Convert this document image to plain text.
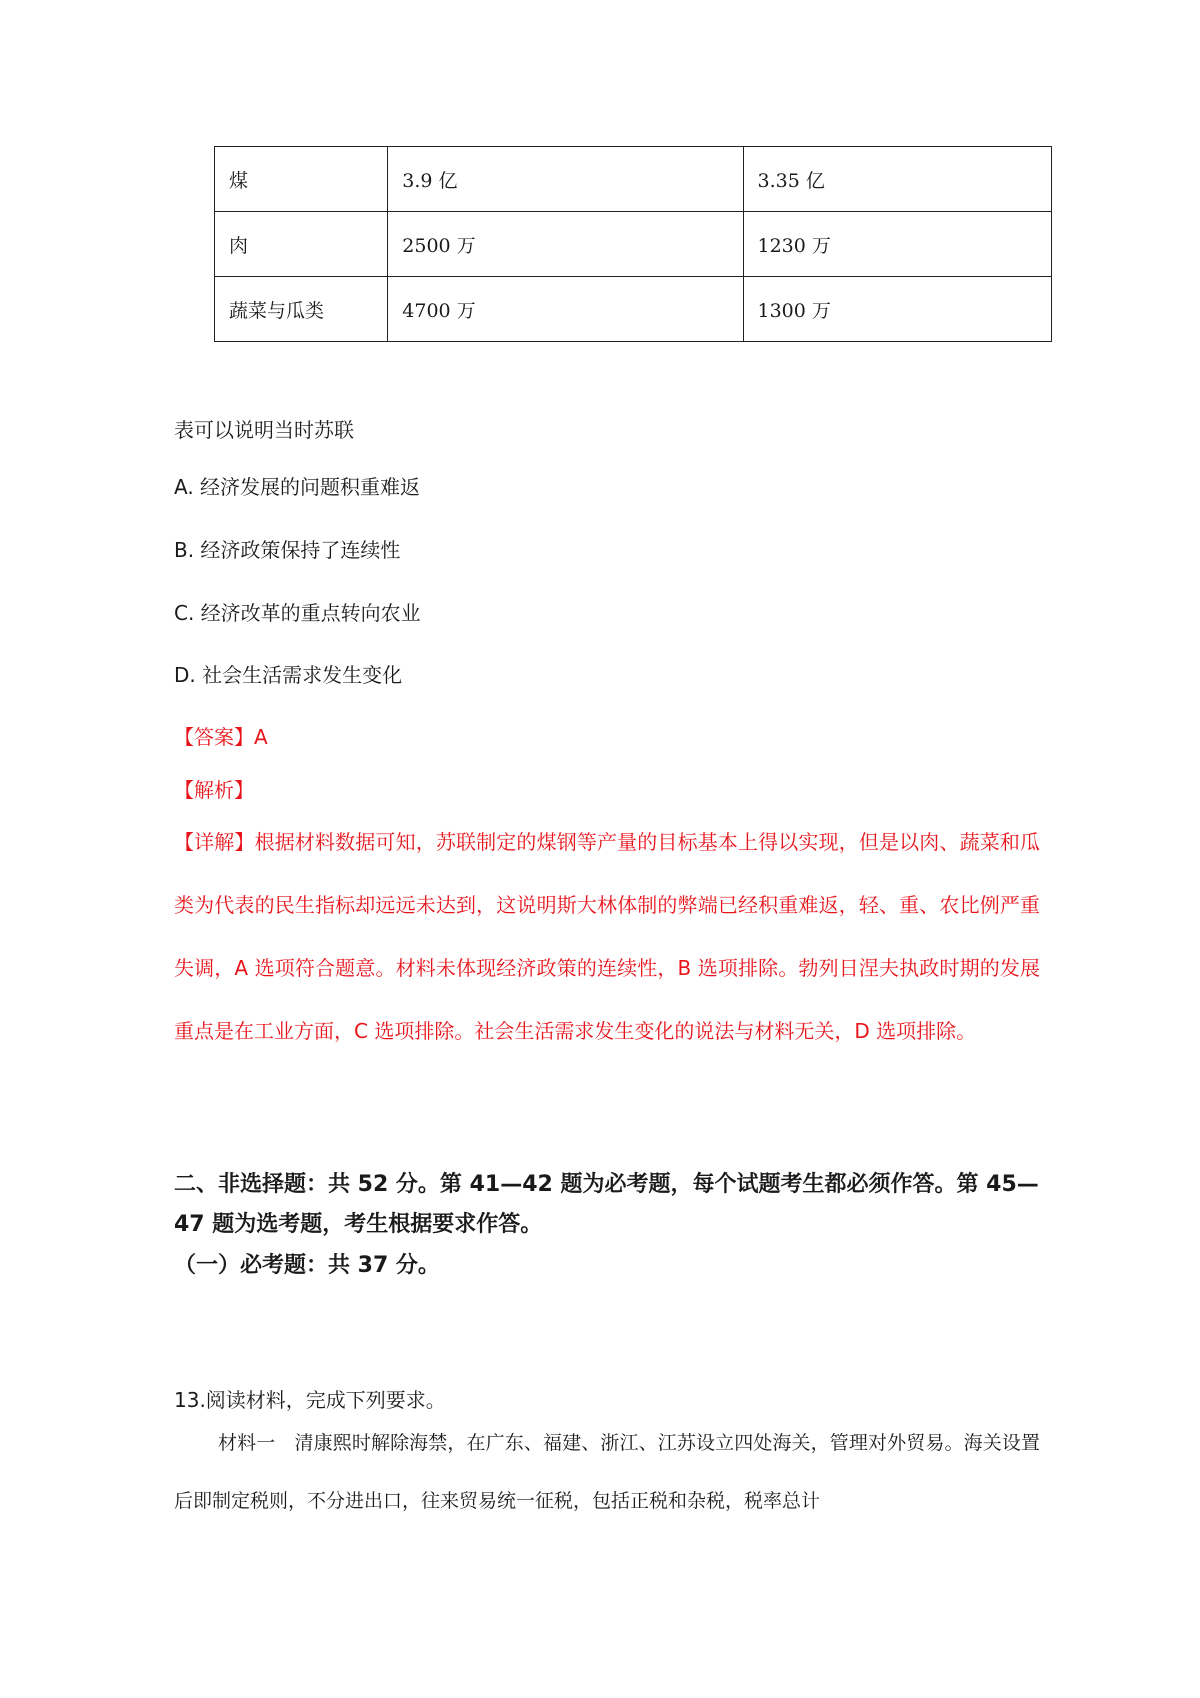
煤	3.9 亿	3.35 亿
肉	2500 万	1230 万
蔬菜与瓜类	4700 万	1300 万
表可以说明当时苏联
A. 经济发展的问题积重难返
B. 经济政策保持了连续性
C. 经济改革的重点转向农业
D. 社会生活需求发生变化
【答案】A
【解析】
【详解】根据材料数据可知，苏联制定的煤钢等产量的目标基本上得以实现，但是以肉、蔬菜和瓜类为代表的民生指标却远远未达到，这说明斯大林体制的弊端已经积重难返，轻、重、农比例严重失调，A 选项符合题意。材料未体现经济政策的连续性，B 选项排除。勃列日涅夫执政时期的发展重点是在工业方面，C 选项排除。社会生活需求发生变化的说法与材料无关，D 选项排除。
二、非选择题：共 52 分。第 41—42 题为必考题，每个试题考生都必须作答。第 45—47 题为选考题，考生根据要求作答。
（一）必考题：共 37 分。
13.阅读材料，完成下列要求。
材料一　清康熙时解除海禁，在广东、福建、浙江、江苏设立四处海关，管理对外贸易。海关设置后即制定税则，不分进出口，往来贸易统一征税，包括正税和杂税，税率总计
